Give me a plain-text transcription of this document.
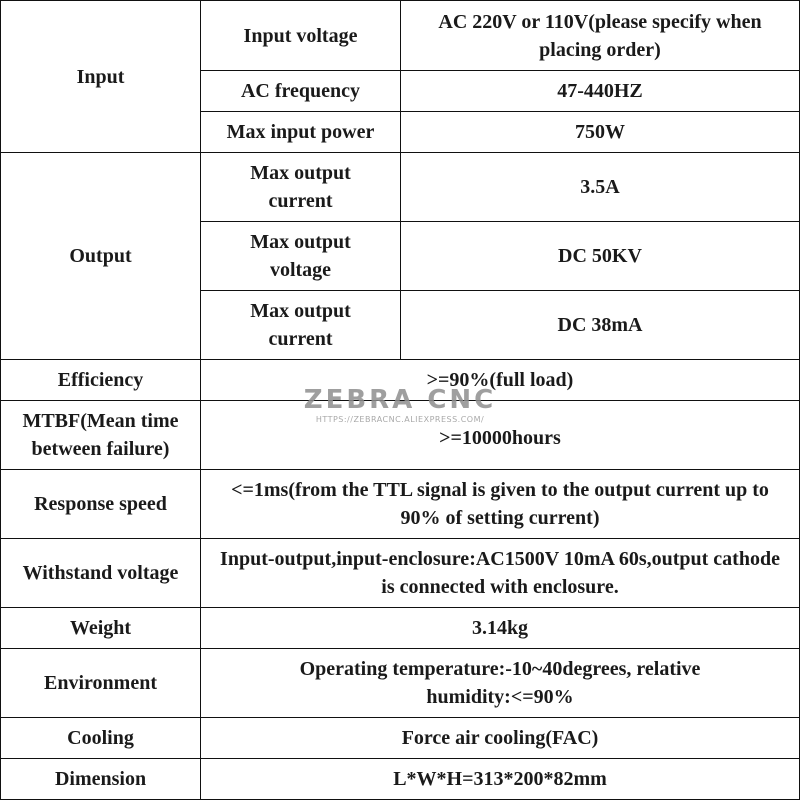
Input	Input voltage	AC 220V or 110V(please specify when placing order)
	AC frequency	47-440HZ
	Max input power	750W
Output	Max output current	3.5A
	Max output voltage	DC 50KV
	Max output current	DC 38mA
Efficiency	>=90%(full load)	
MTBF(Mean time between failure)	>=10000hours	
Response speed	<=1ms(from the TTL signal is given to the output current up to 90% of setting current)	
Withstand voltage	Input-output,input-enclosure:AC1500V 10mA 60s,output cathode is connected with enclosure.	
Weight	3.14kg	
Environment	Operating temperature:-10~40degrees, relative humidity:<=90%	
Cooling	Force air cooling(FAC)	
Dimension	L*W*H=313*200*82mm	
ZEBRA CNC
HTTPS://ZEBRACNC.ALIEXPRESS.COM/
